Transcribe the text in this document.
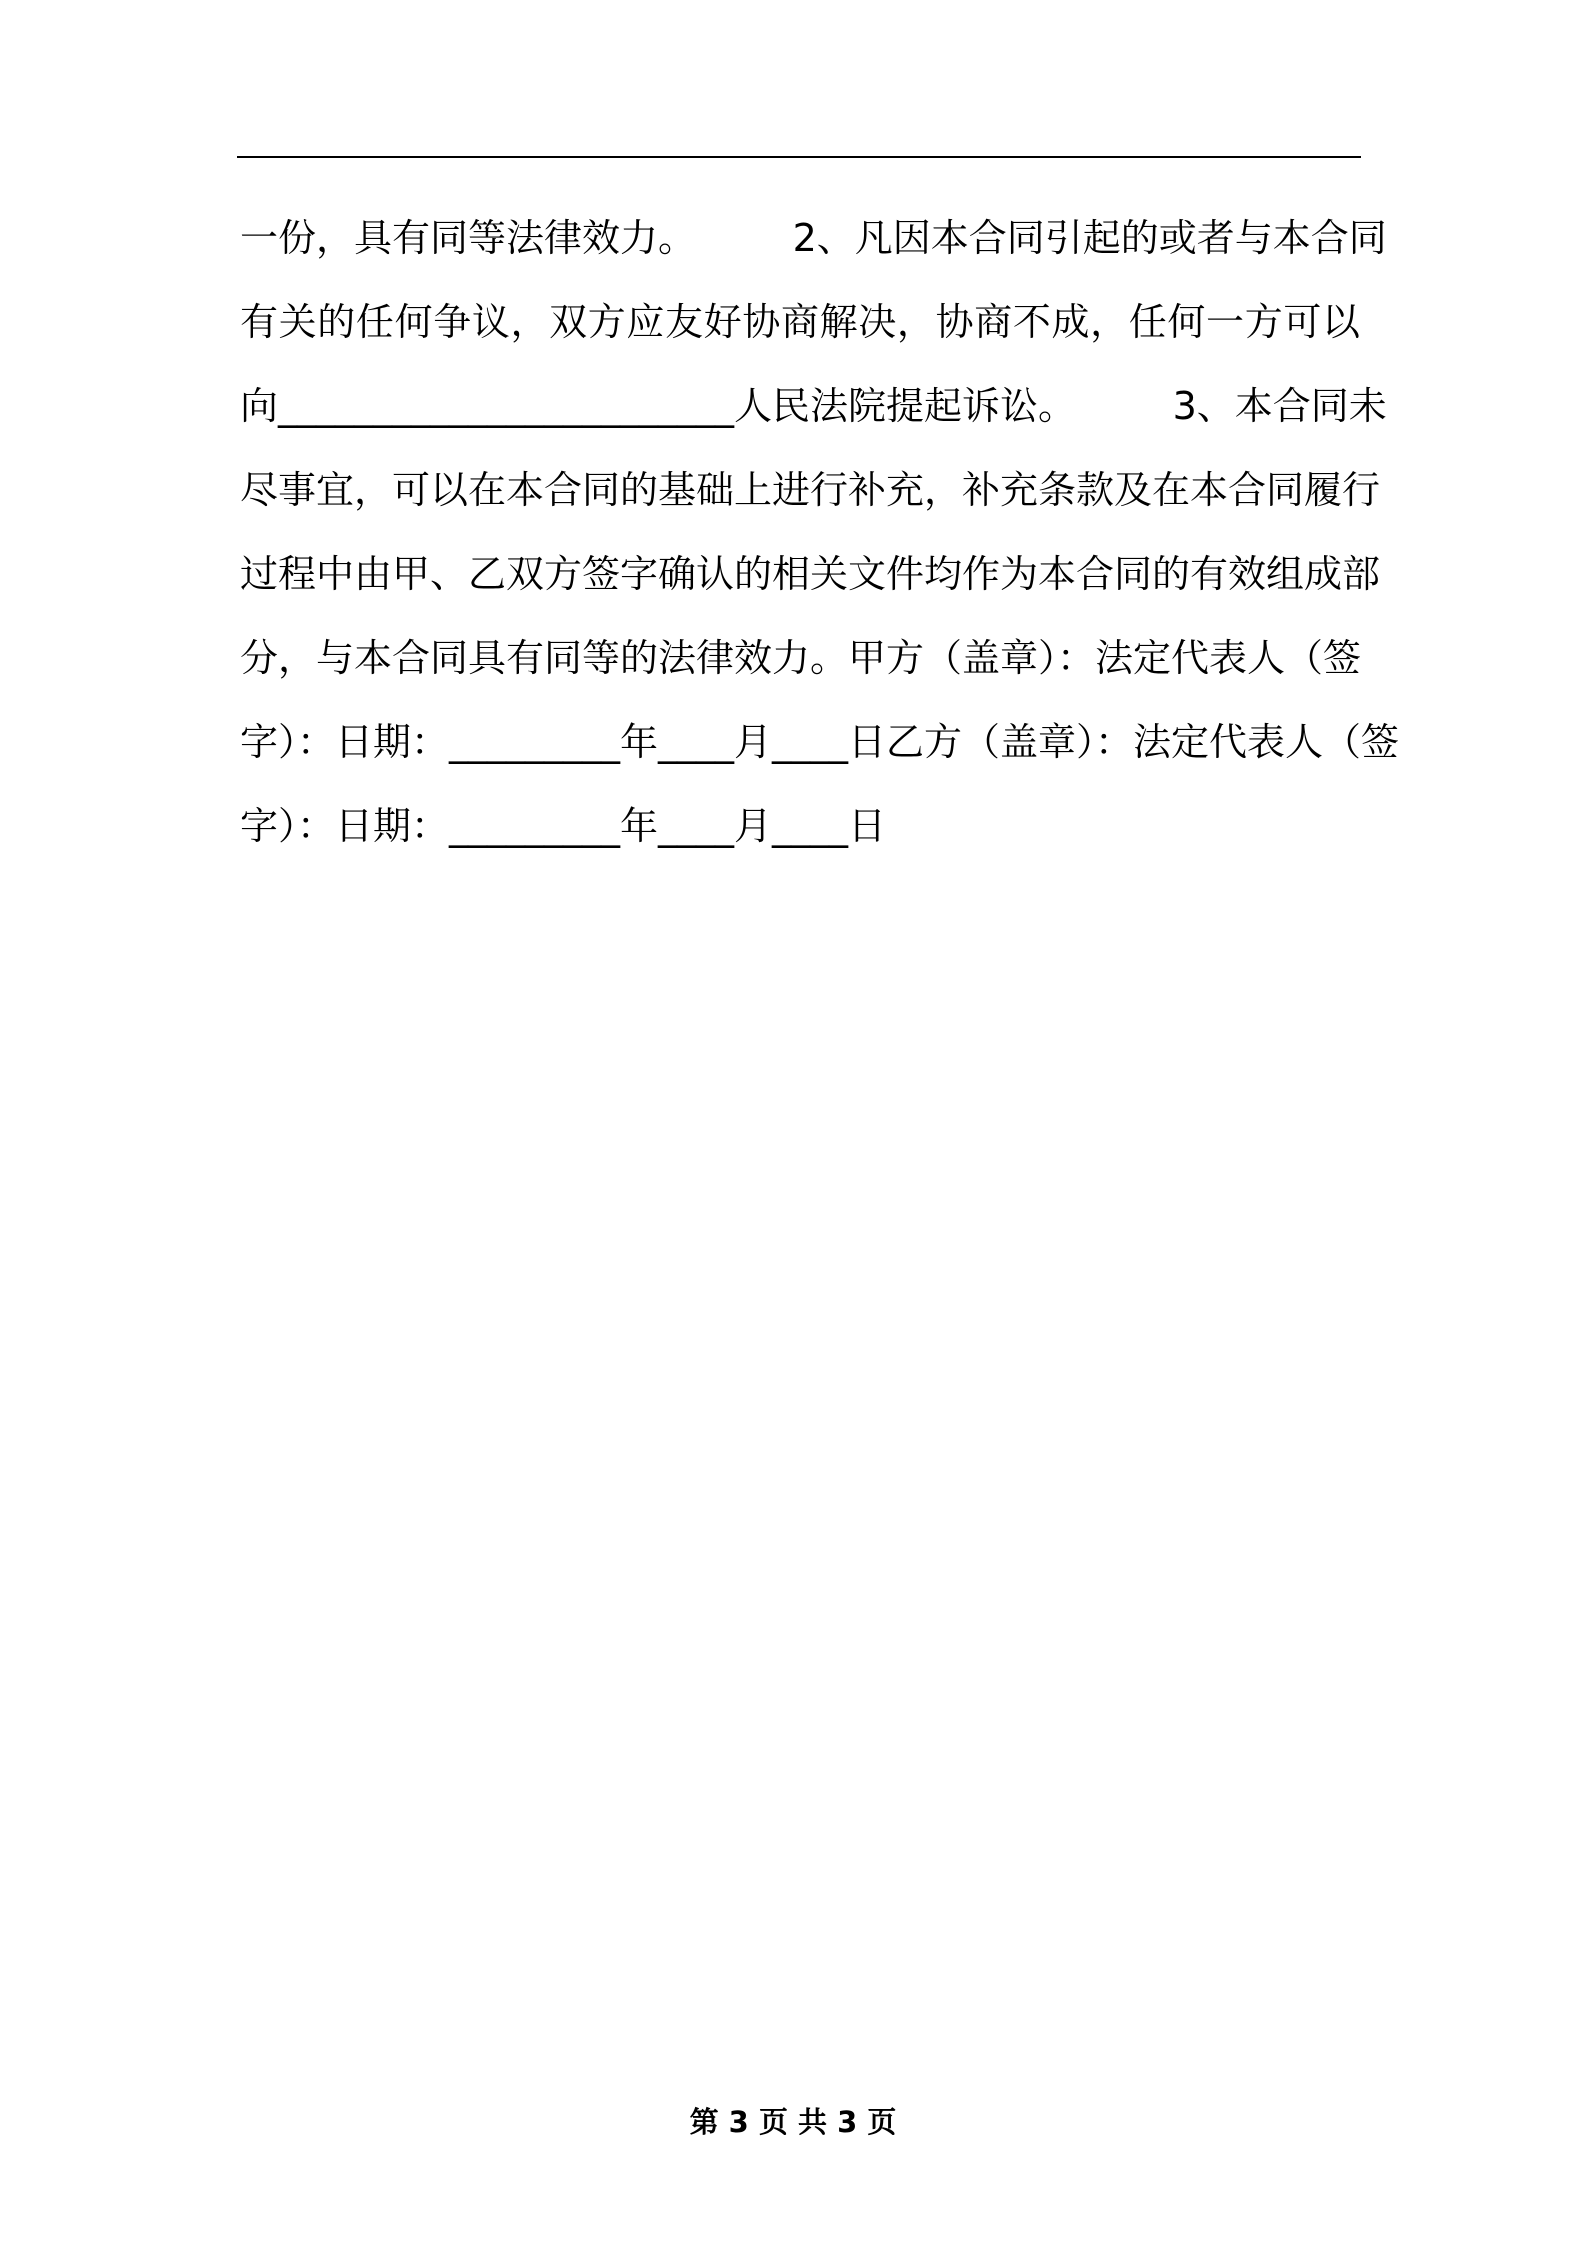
一份，具有同等法律效力。        2、凡因本合同引起的或者与本合同
有关的任何争议，双方应友好协商解决，协商不成，任何一方可以
向________________________人民法院提起诉讼。        3、本合同未
尽事宜，可以在本合同的基础上进行补充，补充条款及在本合同履行
过程中由甲、乙双方签字确认的相关文件均作为本合同的有效组成部
分，与本合同具有同等的法律效力。甲方（盖章）：法定代表人（签
字）：日期：_________年____月____日乙方（盖章）：法定代表人（签
字）：日期：_________年____月____日
第 3 页 共 3 页
